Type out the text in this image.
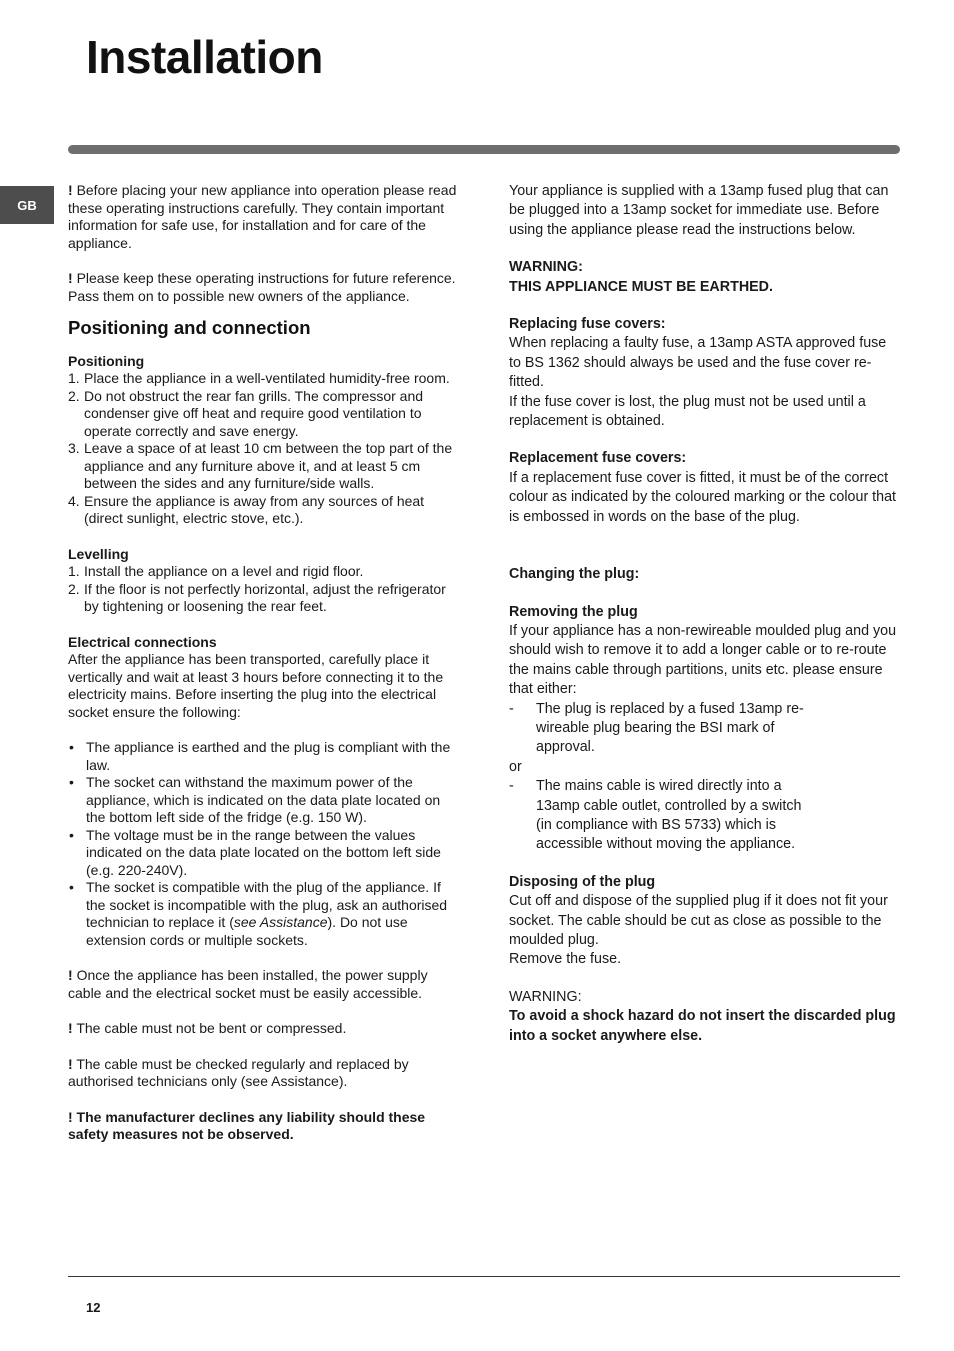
Installation
GB

! Before placing your new appliance into operation please read these operating instructions carefully. They contain important information for safe use, for installation and for care of the appliance.

! Please keep these operating instructions for future reference. Pass them on to possible new owners of the appliance.

Positioning and connection

Positioning

1. Place the appliance in a well-ventilated humidity-free room.
2. Do not obstruct the rear fan grills. The compressor and condenser give off heat and require good ventilation to operate correctly and save energy.
3. Leave a space of at least 10 cm between the top part of the appliance and any furniture above it, and at least 5 cm between the sides and any furniture/side walls.
4. Ensure the appliance is away from any sources of heat (direct sunlight, electric stove, etc.).

Levelling

1. Install the appliance on a level and rigid floor.
2. If the floor is not perfectly horizontal, adjust the refrigerator by tightening or loosening the rear feet.

Electrical connections

After the appliance has been transported, carefully place it vertically and wait at least 3 hours before connecting it to the electricity mains. Before inserting the plug into the electrical socket ensure the following:

• The appliance is earthed and the plug is compliant with the law.
• The socket can withstand the maximum power of the appliance, which is indicated on the data plate located on the bottom left side of the fridge (e.g. 150 W).
• The voltage must be in the range between the values indicated on the data plate located on the bottom left side (e.g. 220-240V).
• The socket is compatible with the plug of the appliance. If the socket is incompatible with the plug, ask an authorised technician to replace it (see Assistance). Do not use extension cords or multiple sockets.

! Once the appliance has been installed, the power supply cable and the electrical socket must be easily accessible.

! The cable must not be bent or compressed.

! The cable must be checked regularly and replaced by authorised technicians only (see Assistance).

! The manufacturer declines any liability should these safety measures not be observed.

Your appliance is supplied with a 13amp fused plug that can be plugged into a 13amp socket for immediate use. Before using the appliance please read the instructions below.

WARNING:

THIS APPLIANCE MUST BE EARTHED.

Replacing fuse covers:

When replacing a faulty fuse, a 13amp ASTA approved fuse to BS 1362 should always be used and the fuse cover re-fitted.

If the fuse cover is lost, the plug must not be used until a replacement is obtained.

Replacement fuse covers:

If a replacement fuse cover is fitted, it must be of the correct colour as indicated by the coloured marking or the colour that is embossed in words on the base of the plug.

Changing the plug:

Removing the plug

If your appliance has a non-rewireable moulded plug and you should wish to remove it to add a longer cable or to re-route the mains cable through partitions, units etc. please ensure that either:

- The plug is replaced by a fused 13amp re-wireable plug bearing the BSI mark of approval.

or

- The mains cable is wired directly into a 13amp cable outlet, controlled by a switch (in compliance with BS 5733) which is accessible without moving the appliance.

Disposing of the plug

Cut off and dispose of the supplied plug if it does not fit your socket. The cable should be cut as close as possible to the moulded plug.

Remove the fuse.

WARNING:

To avoid a shock hazard do not insert the discarded plug into a socket anywhere else.

12
